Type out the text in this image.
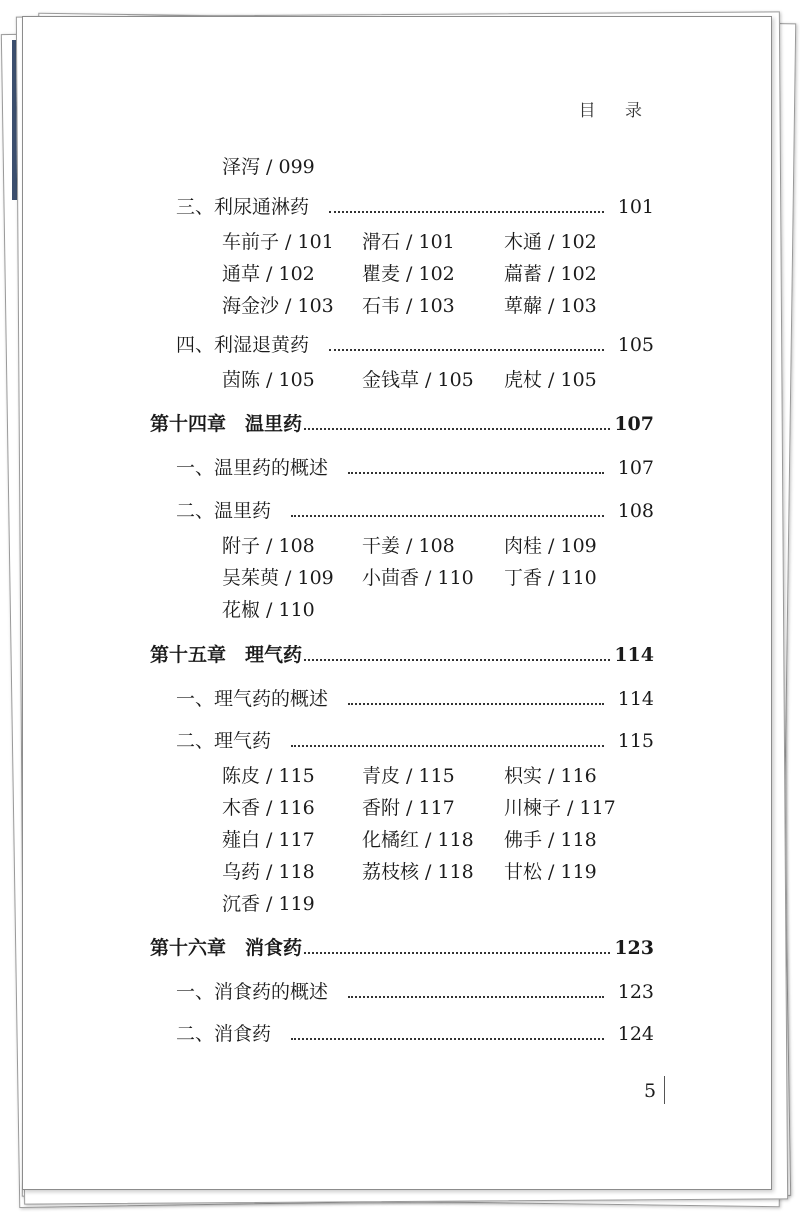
目 录
泽泻 / 099
三、利尿通淋药	101
车前子 / 101 滑石 / 101	木通 / 102
通草 / 102 瞿麦 / 102	萹蓄 / 102
海金沙 / 103 石韦 / 103	萆薢 / 103
四、利湿退黄药	105
茵陈 / 105 金钱草 / 105 虎杖 / 105
第十四章　温里药	107
一、温里药的概述	107
二、温里药	108
附子 / 108 干姜 / 108	肉桂 / 109
吴茱萸 / 109 小茴香 / 110 丁香 / 110
花椒 / 110
第十五章　理气药	114
一、理气药的概述	114
二、理气药	115
陈皮 / 115 青皮 / 115	枳实 / 116
木香 / 116 香附 / 117	川楝子 / 117
薤白 / 117 化橘红 / 118 佛手 / 118
乌药 / 118 荔枝核 / 118 甘松 / 119
沉香 / 119
第十六章　消食药	123
一、消食药的概述	123
二、消食药	124
5
